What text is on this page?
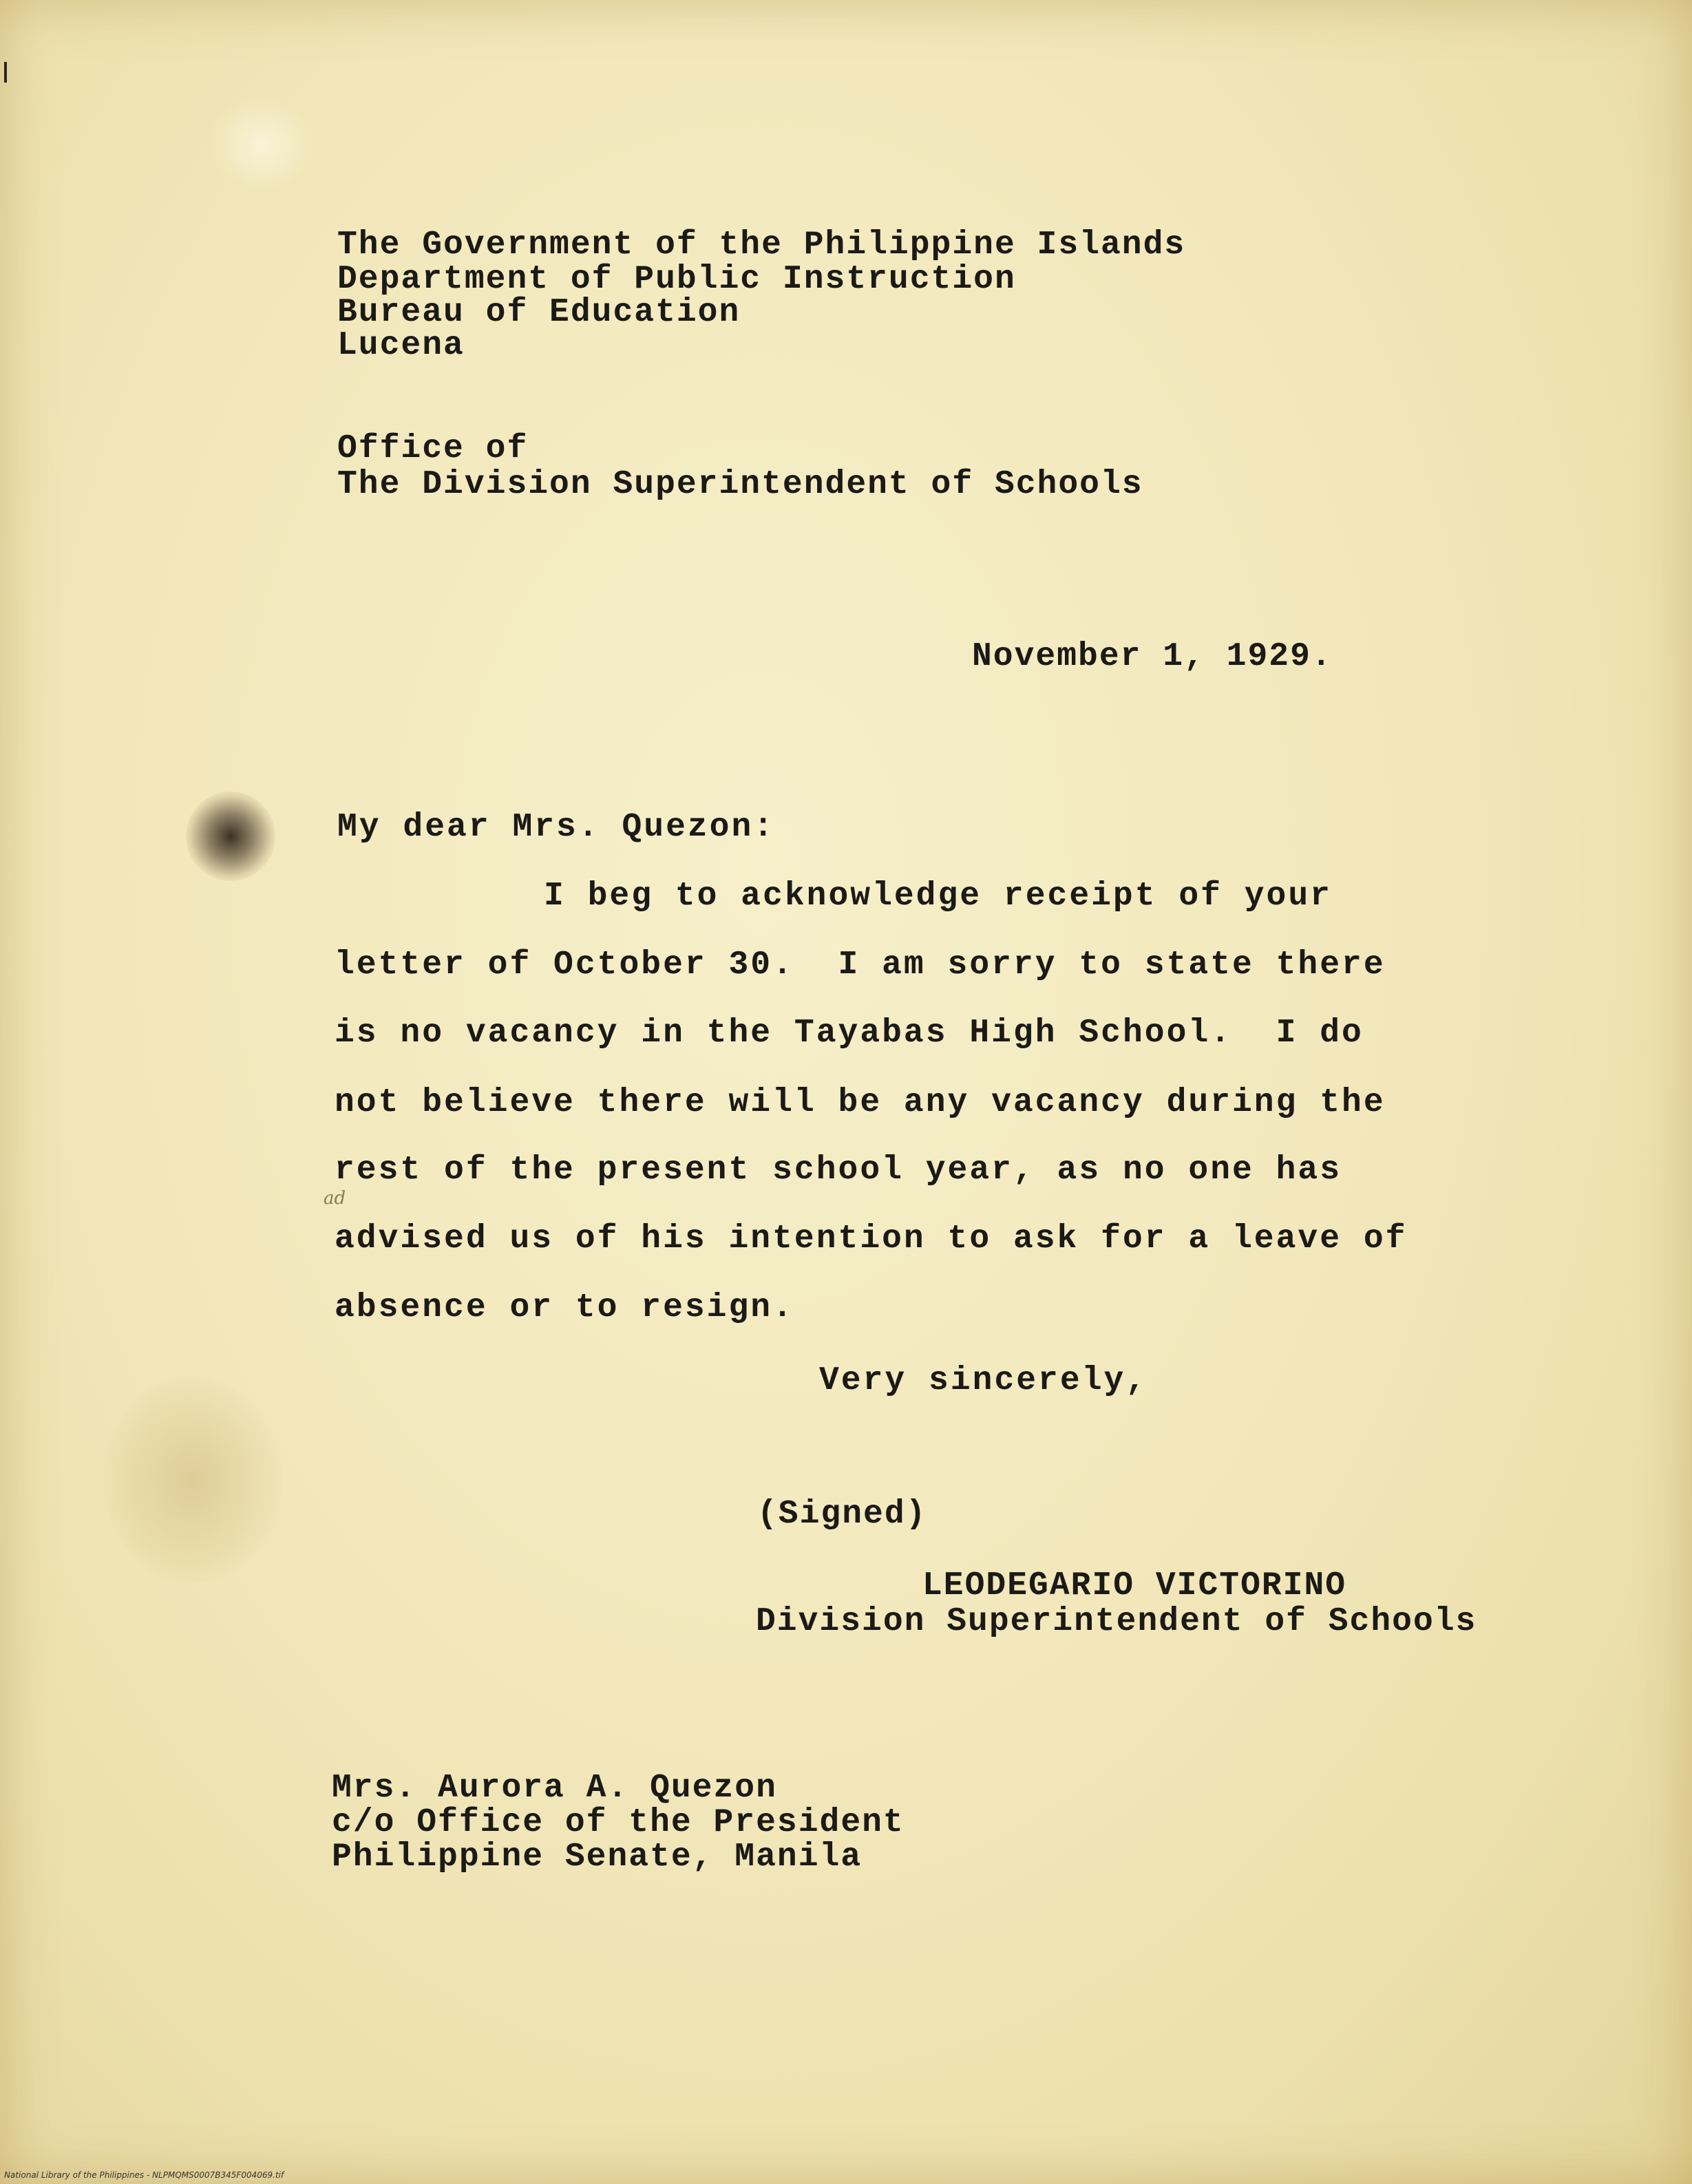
The Government of the Philippine Islands
Department of Public Instruction
Bureau of Education
Lucena
Office of
The Division Superintendent of Schools
November 1, 1929.
My dear Mrs. Quezon:
I beg to acknowledge receipt of your
letter of October 30.  I am sorry to state there
is no vacancy in the Tayabas High School.  I do
not believe there will be any vacancy during the
rest of the present school year, as no one has
ad
advised us of his intention to ask for a leave of
absence or to resign.
Very sincerely,
(Signed)
LEODEGARIO VICTORINO
Division Superintendent of Schools
Mrs. Aurora A. Quezon
c/o Office of the President
Philippine Senate, Manila
National Library of the Philippines - NLPMQMS0007B345F004069.tif
